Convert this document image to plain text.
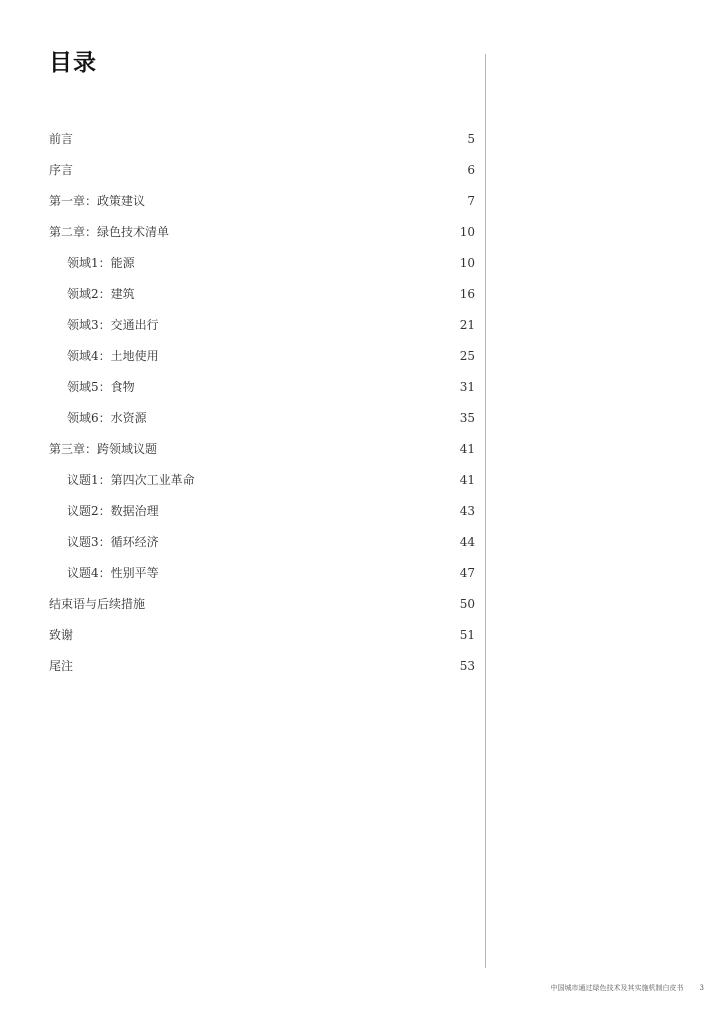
目录
前言	5
序言	6
第一章：政策建议	7
第二章：绿色技术清单	10
领域1：能源	10
领域2：建筑	16
领域3：交通出行	21
领域4：土地使用	25
领域5：食物	31
领域6：水资源	35
第三章：跨领域议题	41
议题1：第四次工业革命	41
议题2：数据治理	43
议题3：循环经济	44
议题4：性别平等	47
结束语与后续措施	50
致谢	51
尾注	53
中国城市通过绿色技术及其实施机制白皮书 3
